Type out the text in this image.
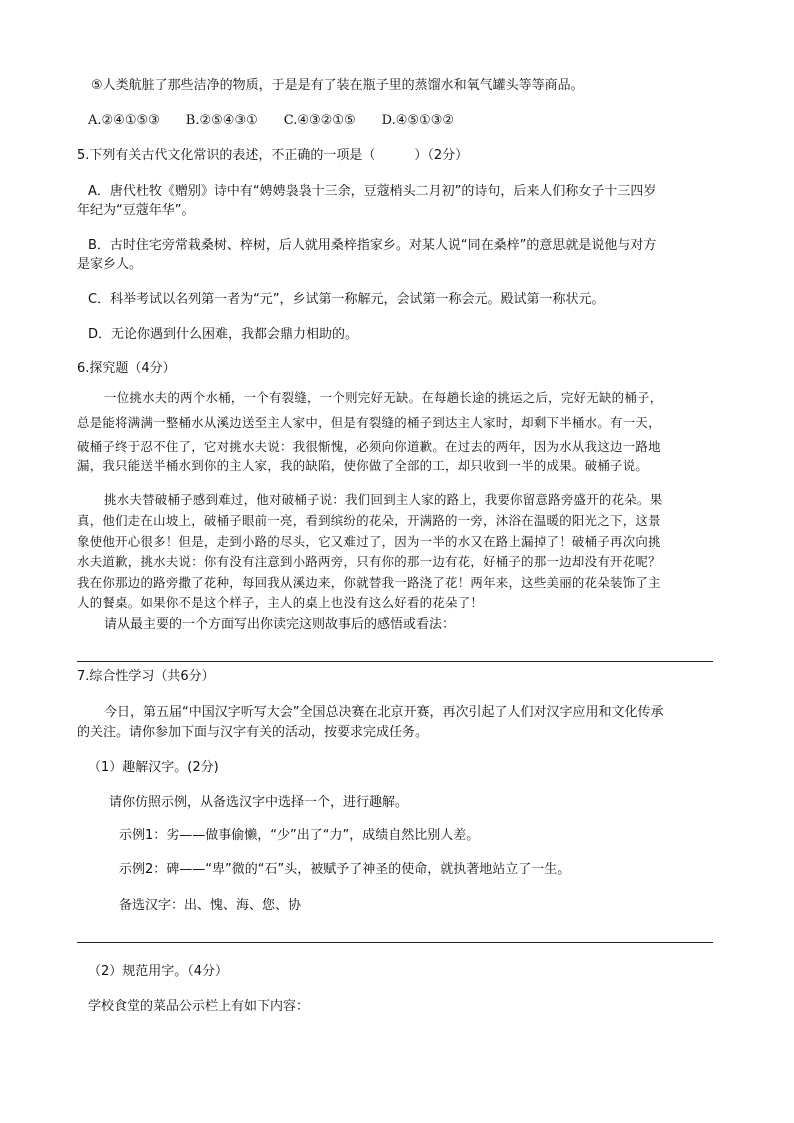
⑤人类航脏了那些洁净的物质，于是是有了装在瓶子里的蒸馏水和氧气罐头等等商品。
A.②④①⑤③　　B.②⑤④③①　　C.④③②①⑤　　D.④⑤①③②
5.下列有关古代文化常识的表述，不正确的一项是（　　　）（2分）
A．唐代杜牧《赠别》诗中有“娉娉袅袅十三余，豆蔻梢头二月初”的诗句，后来人们称女子十三四岁
年纪为“豆蔻年华”。
B．古时住宅旁常栽桑树、梓树，后人就用桑梓指家乡。对某人说“同在桑梓”的意思就是说他与对方
是家乡人。
C．科举考试以名列第一者为“元”，乡试第一称解元，会试第一称会元。殿试第一称状元。
D．无论你遇到什么困难，我都会鼎力相助的。
6.探究题（4分）
一位挑水夫的两个水桶，一个有裂缝，一个则完好无缺。在每趟长途的挑运之后，完好无缺的桶子，
总是能将满满一整桶水从溪边送至主人家中，但是有裂缝的桶子到达主人家时，却剩下半桶水。有一天，
破桶子终于忍不住了，它对挑水夫说：我很惭愧，必须向你道歉。在过去的两年，因为水从我这边一路地
漏，我只能送半桶水到你的主人家，我的缺陷，使你做了全部的工，却只收到一半的成果。破桶子说。
挑水夫替破桶子感到难过，他对破桶子说：我们回到主人家的路上，我要你留意路旁盛开的花朵。果
真，他们走在山坡上，破桶子眼前一亮，看到缤纷的花朵，开满路的一旁，沐浴在温暖的阳光之下，这景
象使他开心很多！但是，走到小路的尽头，它又难过了，因为一半的水又在路上漏掉了！破桶子再次向挑
水夫道歉，挑水夫说：你有没有注意到小路两旁，只有你的那一边有花，好桶子的那一边却没有开花呢？
我在你那边的路旁撒了花种，每回我从溪边来，你就替我一路浇了花！两年来，这些美丽的花朵装饰了主
人的餐桌。如果你不是这个样子，主人的桌上也没有这么好看的花朵了！
请从最主要的一个方面写出你读完这则故事后的感悟或看法：
7.综合性学习（共6分）
今日，第五届“中国汉字听写大会”全国总决赛在北京开赛，再次引起了人们对汉字应用和文化传承
的关注。请你参加下面与汉字有关的活动，按要求完成任务。
（1）趣解汉字。(2分)
请你仿照示例，从备选汉字中选择一个，进行趣解。
示例1：劣——做事偷懒，“少”出了“力”，成绩自然比别人差。
示例2：碑——“卑”微的“石”头，被赋予了神圣的使命，就执著地站立了一生。
备选汉字：出、愧、海、您、协
（2）规范用字。（4分）
学校食堂的菜品公示栏上有如下内容：
